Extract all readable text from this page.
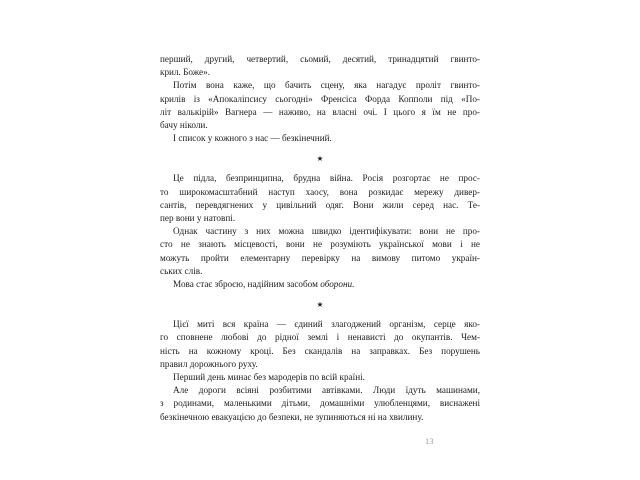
перший, другий, четвертий, сьомий, десятий, тринадцятий гвинто-
крил. Боже».
Потім вона каже, що бачить сцену, яка нагадує проліт гвинто-
крилів із «Апокаліпсису сьогодні» Френсіса Форда Копполи під «По-
літ валькірій» Вагнера — наживо, на власні очі. І цього я їм не про-
бачу ніколи.
І список у кожного з нас — безкінечний.
★
Це підла, безпринципна, брудна війна. Росія розгортає не прос-
то широкомасштабний наступ хаосу, вона розкидає мережу дивер-
сантів, перевдягнених у цивільний одяг. Вони жили серед нас. Те-
пер вони у натовпі.
Однак частину з них можна швидко ідентифікувати: вони не про-
сто не знають місцевості, вони не розуміють української мови і не
можуть пройти елементарну перевірку на вимову питомо україн-
ських слів.
Мова стає зброєю, надійним засобом оборони.
★
Цієї миті вся країна — єдиний злагоджений організм, серце яко-
го сповнене любові до рідної землі і ненависті до окупантів. Чем-
ність на кожному кроці. Без скандалів на заправках. Без порушень
правил дорожнього руху.
Перший день минає без мародерів по всій країні.
Але дороги всіяні розбитими автівками. Люди їдуть машинами,
з родинами, маленькими дітьми, домашніми улюбленцями, виснажені
безкінечною евакуацією до безпеки, не зупиняються ні на хвилину.
13
